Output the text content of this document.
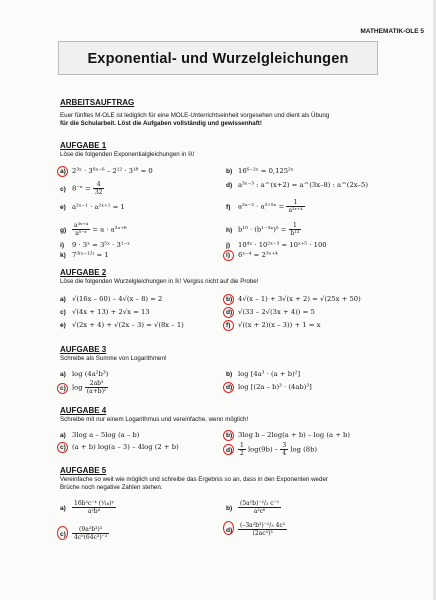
MATHEMATIK-OLE 5
Exponential- und Wurzelgleichungen
ARBEITSAUFTRAG
Euer fünftes M-OLE ist lediglich für eine MOLE-Unterrichtseinheit vorgesehen und dient als Übung
für die Schularbeit. Löst die Aufgaben vollständig und gewissenhaft!
AUFGABE 1
Löse die folgenden Exponentialgleichungen in ℝ!
a) 2³ˣ · 3⁶ˣ⁻⁶ – 2¹² · 3¹⁸ = 0	b) 16⁶⁻²ˣ = 0,125²ˣ
c) 8⁻ˣ = $\frac{4}{32}$	d) a³ˣ⁻³ : a^(x+2) = a^(3x–8) : a^(2x–5)
e) a²ˣ⁻¹ · a²ˣ⁺¹ = 1	f) a²ˣ⁻² · a³⁺⁵ˣ = $\frac{1}{\text{a²ˣ⁺⁴}}$
$g) \frac{\text{a³ˣ⁺⁴}}{\text{a⁵⁻ˣ}} = a$ · a²ˣ⁺⁶	h) b¹⁰ · (b¹⁻³ˣ)⁵ = $\frac{1}{\text{b¹³}}$
i) 9 · 3ˣ = 3⁵ˣ · 3¹⁻ˣ	j) 10⁴ˣ · 10²ˣ⁻³ = 10ˣ⁺⁵ · 100
k) 7³⁽ˣ⁻¹²⁾ = 1	l) 6ˣ⁻⁴ = 2³ˣ⁺⁴
AUFGABE 2
Löse die folgenden Wurzelgleichungen in ℝ! Vergiss nicht auf die Probe!
a) √(16x – 60) – 4√(x – 8) = 2	b) 4√(x – 1) + 3√(x + 2) = √(25x + 50)
c) √(4x + 13) + 2√x = 13	d) √(33 – 2√(3x + 4)) = 5
e) √(2x + 4) + √(2x – 3) = √(8x – 1)	f) √((x + 2)(x – 3)) + 1 = x
AUFGABE 3
Schreibe als Summe von Logarithmen!
a) log (4a²b³)	b) log [4a³ · (a + b)²]
c) $\log \frac{\text{2ab³}}{\text{(a+b)²}}$	d) log [(2a – b)³ · (4ab)³]
AUFGABE 4
Schreibe mit nur einem Logarithmus und vereinfache, wenn möglich!
a) 3log a – 5log (a – b)	b) 3log b – 2log(a + b) – log (a + b)
c) (a + b) log(a – 3) – 4log (2 + b)	$d) \frac{1}{2} \log(9b) - \frac{3}{4}$ log (8b)
AUFGABE 5
Vereinfache so weit wie möglich und schreibe das Ergebnis so an, dass in den Exponenten weder
Brüche noch negative Zahlen stehen.
$a) \frac{\text{16b²c⁻⁴ (¹⁄₁₆)ᵞ}}{\text{a²b⁴}}$	$b) \frac{\text{(5a²b)⁻²/₃ c⁻¹}}{\text{a²c⁶}}$
$c) \frac{\text{(9a²b³)³}}{\text{4c⁵(64c³)⁻²}}$	$d) \frac{\text{(–3a²b³)⁻²/₃ 4c²}}{\text{(2ac³)³}}$
